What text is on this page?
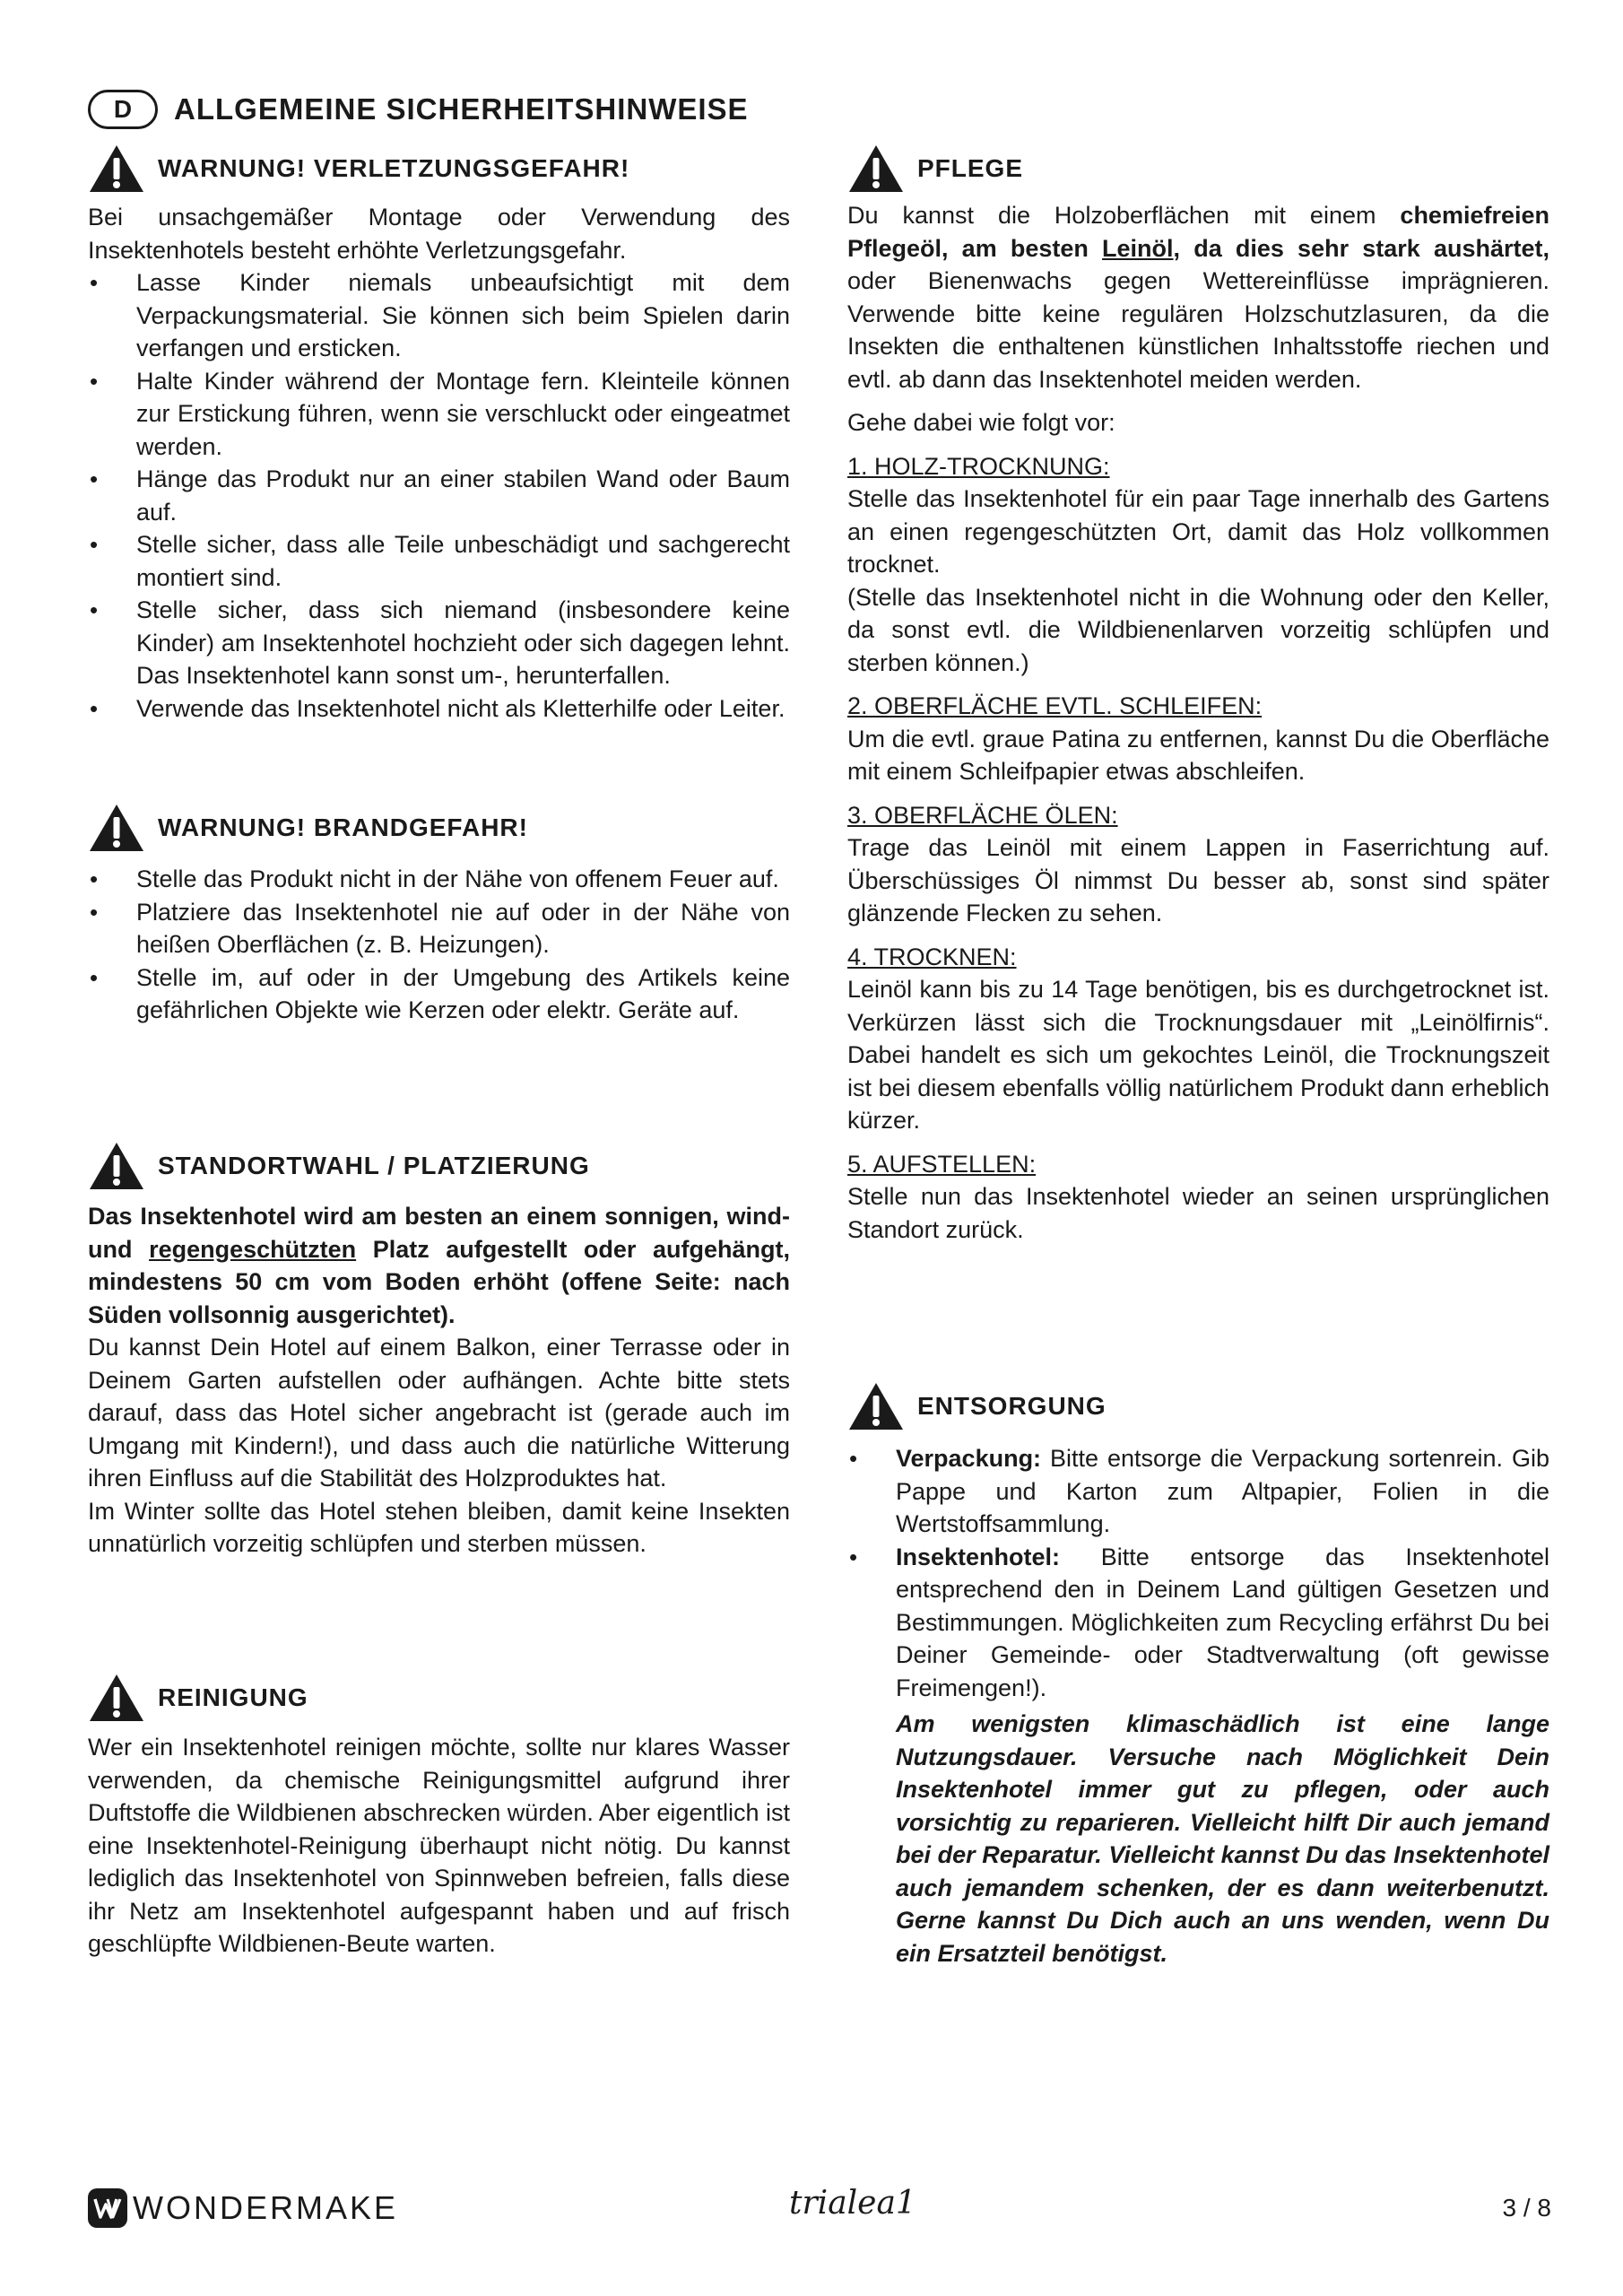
D	ALLGEMEINE SICHERHEITSHINWEISE
WARNUNG! VERLETZUNGSGEFAHR!

Bei unsachgemäßer Montage oder Verwendung des Insektenhotels besteht erhöhte Verletzungsgefahr.

• Lasse Kinder niemals unbeaufsichtigt mit dem Verpackungsmaterial. Sie können sich beim Spielen darin verfangen und ersticken.
• Halte Kinder während der Montage fern. Kleinteile können zur Erstickung führen, wenn sie verschluckt oder eingeatmet werden.
• Hänge das Produkt nur an einer stabilen Wand oder Baum auf.
• Stelle sicher, dass alle Teile unbeschädigt und sachgerecht montiert sind.
• Stelle sicher, dass sich niemand (insbesondere keine Kinder) am Insektenhotel hochzieht oder sich dagegen lehnt. Das Insektenhotel kann sonst um-, herunterfallen.
• Verwende das Insektenhotel nicht als Kletterhilfe oder Leiter.
WARNUNG! BRANDGEFAHR!
• Stelle das Produkt nicht in der Nähe von offenem Feuer auf.
• Platziere das Insektenhotel nie auf oder in der Nähe von heißen Oberflächen (z. B. Heizungen).
• Stelle im, auf oder in der Umgebung des Artikels keine gefährlichen Objekte wie Kerzen oder elektr. Geräte auf.
STANDORTWAHL / PLATZIERUNG

Das Insektenhotel wird am besten an einem sonnigen, wind- und regengeschützten Platz aufgestellt oder aufgehängt, mindestens 50 cm vom Boden erhöht (offene Seite: nach Süden vollsonnig ausgerichtet).

Du kannst Dein Hotel auf einem Balkon, einer Terrasse oder in Deinem Garten aufstellen oder aufhängen. Achte bitte stets darauf, dass das Hotel sicher angebracht ist (gerade auch im Umgang mit Kindern!), und dass auch die natürliche Witterung ihren Einfluss auf die Stabilität des Holzproduktes hat.

Im Winter sollte das Hotel stehen bleiben, damit keine Insekten unnatürlich vorzeitig schlüpfen und sterben müssen.

REINIGUNG

Wer ein Insektenhotel reinigen möchte, sollte nur klares Wasser verwenden, da chemische Reinigungsmittel aufgrund ihrer Duftstoffe die Wildbienen abschrecken würden. Aber eigentlich ist eine Insektenhotel-Reinigung überhaupt nicht nötig. Du kannst lediglich das Insektenhotel von Spinnweben befreien, falls diese ihr Netz am Insektenhotel aufgespannt haben und auf frisch geschlüpfte Wildbienen-Beute warten.

PFLEGE

Du kannst die Holzoberflächen mit einem chemiefreien Pflegeöl, am besten Leinöl, da dies sehr stark aushärtet, oder Bienenwachs gegen Wettereinflüsse imprägnieren. Verwende bitte keine regulären Holzschutzlasuren, da die Insekten die enthaltenen künstlichen Inhaltsstoffe riechen und evtl. ab dann das Insektenhotel meiden werden.

Gehe dabei wie folgt vor:

1. HOLZ-TROCKNUNG:

Stelle das Insektenhotel für ein paar Tage innerhalb des Gartens an einen regengeschützten Ort, damit das Holz vollkommen trocknet.

(Stelle das Insektenhotel nicht in die Wohnung oder den Keller, da sonst evtl. die Wildbienenlarven vorzeitig schlüpfen und sterben können.)

2. OBERFLÄCHE EVTL. SCHLEIFEN:

Um die evtl. graue Patina zu entfernen, kannst Du die Oberfläche mit einem Schleifpapier etwas abschleifen.

3. OBERFLÄCHE ÖLEN:

Trage das Leinöl mit einem Lappen in Faserrichtung auf. Überschüssiges Öl nimmst Du besser ab, sonst sind später glänzende Flecken zu sehen.

4. TROCKNEN:

Leinöl kann bis zu 14 Tage benötigen, bis es durchgetrocknet ist. Verkürzen lässt sich die Trocknungsdauer mit „Leinölfirnis“. Dabei handelt es sich um gekochtes Leinöl, die Trocknungszeit ist bei diesem ebenfalls völlig natürlichem Produkt dann erheblich kürzer.

5. AUFSTELLEN:

Stelle nun das Insektenhotel wieder an seinen ursprünglichen Standort zurück.

ENTSORGUNG
• Verpackung: Bitte entsorge die Verpackung sortenrein. Gib Pappe und Karton zum Altpapier, Folien in die Wertstoffsammlung.
• Insektenhotel: Bitte entsorge das Insektenhotel entsprechend den in Deinem Land gültigen Gesetzen und Bestimmungen. Möglichkeiten zum Recycling erfährst Du bei Deiner Gemeinde- oder Stadtverwaltung (oft gewisse Freimengen!).

Am wenigsten klimaschädlich ist eine lange Nutzungsdauer. Versuche nach Möglichkeit Dein Insektenhotel immer gut zu pflegen, oder auch vorsichtig zu reparieren. Vielleicht hilft Dir auch jemand bei der Reparatur. Vielleicht kannst Du das Insektenhotel auch jemandem schenken, der es dann weiterbenutzt. Gerne kannst Du Dich auch an uns wenden, wenn Du ein Ersatzteil benötigst.

WONDERMAKE	trialea1	3 / 8
